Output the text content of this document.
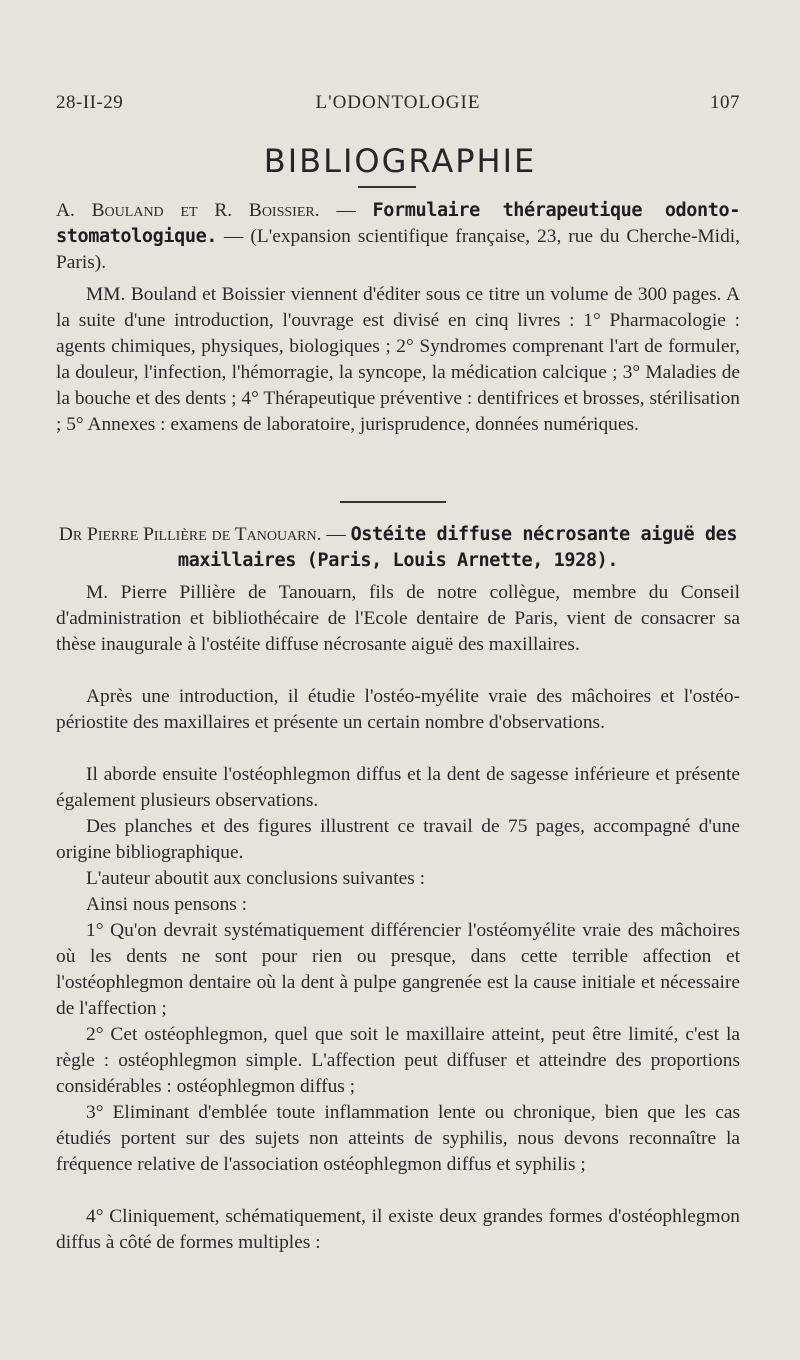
28-II-29	L'ODONTOLOGIE	107
BIBLIOGRAPHIE

A. Bouland et R. Boissier. — Formulaire thérapeutique odonto-stomatologique. — (L'expansion scientifique française, 23, rue du Cherche-Midi, Paris).

MM. Bouland et Boissier viennent d'éditer sous ce titre un volume de 300 pages. A la suite d'une introduction, l'ouvrage est divisé en cinq livres : 1° Pharmacologie : agents chimiques, physiques, biologiques ; 2° Syndromes comprenant l'art de formuler, la douleur, l'infection, l'hémorragie, la syncope, la médication calcique ; 3° Maladies de la bouche et des dents ; 4° Thérapeutique préventive : dentifrices et brosses, stérilisation ; 5° Annexes : examens de laboratoire, jurisprudence, données numériques.

Dr Pierre Pillière de Tanouarn. — Ostéite diffuse nécrosante aiguë des maxillaires (Paris, Louis Arnette, 1928).

M. Pierre Pillière de Tanouarn, fils de notre collègue, membre du Conseil d'administration et bibliothécaire de l'Ecole dentaire de Paris, vient de consacrer sa thèse inaugurale à l'ostéite diffuse nécrosante aiguë des maxillaires.

Après une introduction, il étudie l'ostéo-myélite vraie des mâchoires et l'ostéo-périostite des maxillaires et présente un certain nombre d'observations.

Il aborde ensuite l'ostéophlegmon diffus et la dent de sagesse inférieure et présente également plusieurs observations.

Des planches et des figures illustrent ce travail de 75 pages, accompagné d'une origine bibliographique.

L'auteur aboutit aux conclusions suivantes :

Ainsi nous pensons :

1° Qu'on devrait systématiquement différencier l'ostéomyélite vraie des mâchoires où les dents ne sont pour rien ou presque, dans cette terrible affection et l'ostéophlegmon dentaire où la dent à pulpe gangrenée est la cause initiale et nécessaire de l'affection ;

2° Cet ostéophlegmon, quel que soit le maxillaire atteint, peut être limité, c'est la règle : ostéophlegmon simple. L'affection peut diffuser et atteindre des proportions considérables : ostéophlegmon diffus ;

3° Eliminant d'emblée toute inflammation lente ou chronique, bien que les cas étudiés portent sur des sujets non atteints de syphilis, nous devons reconnaître la fréquence relative de l'association ostéophlegmon diffus et syphilis ;

4° Cliniquement, schématiquement, il existe deux grandes formes d'ostéophlegmon diffus à côté de formes multiples :
